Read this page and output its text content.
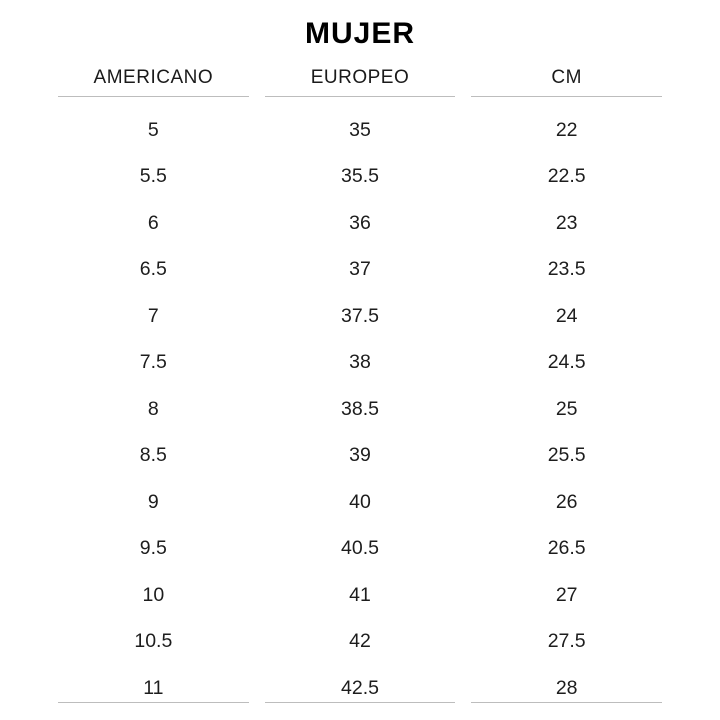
MUJER
AMERICANO
5
5.5
6
6.5
7
7.5
8
8.5
9
9.5
10
10.5
11
EUROPEO
35
35.5
36
37
37.5
38
38.5
39
40
40.5
41
42
42.5
CM
22
22.5
23
23.5
24
24.5
25
25.5
26
26.5
27
27.5
28
